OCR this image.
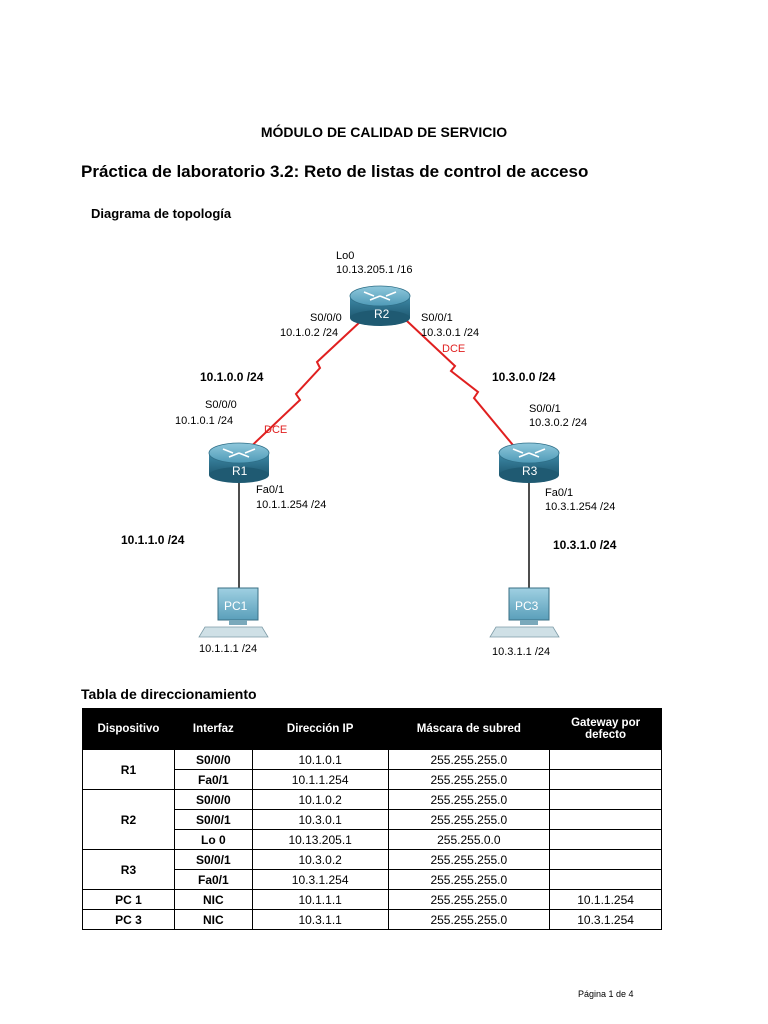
MÓDULO DE CALIDAD DE SERVICIO
Práctica de laboratorio 3.2: Reto de listas de control de acceso
Diagrama de topología
R2
R1	R3
PC1	PC3
Lo0
10.13.205.1 /16
S0/0/0
10.1.0.2 /24
S0/0/1
10.3.0.1 /24
DCE
10.1.0.0 /24	10.3.0.0 /24
S0/0/0
10.1.0.1 /24
DCE
Fa0/1
10.1.1.254 /24
S0/0/1
10.3.0.2 /24
Fa0/1
10.3.1.254 /24
10.1.1.0 /24	10.3.1.0 /24
10.1.1.1 /24	10.3.1.1 /24
Tabla de direccionamiento
Dispositivo	Interfaz	Dirección IP	Máscara de subred	Gateway por defecto
R1	S0/0/0	10.1.0.1	255.255.255.0	
	Fa0/1	10.1.1.254	255.255.255.0	
R2	S0/0/0	10.1.0.2	255.255.255.0	
	S0/0/1	10.3.0.1	255.255.255.0	
	Lo 0	10.13.205.1	255.255.0.0	
R3	S0/0/1	10.3.0.2	255.255.255.0	
	Fa0/1	10.3.1.254	255.255.255.0	
PC 1	NIC	10.1.1.1	255.255.255.0	10.1.1.254
PC 3	NIC	10.3.1.1	255.255.255.0	10.3.1.254
Página 1 de 4
